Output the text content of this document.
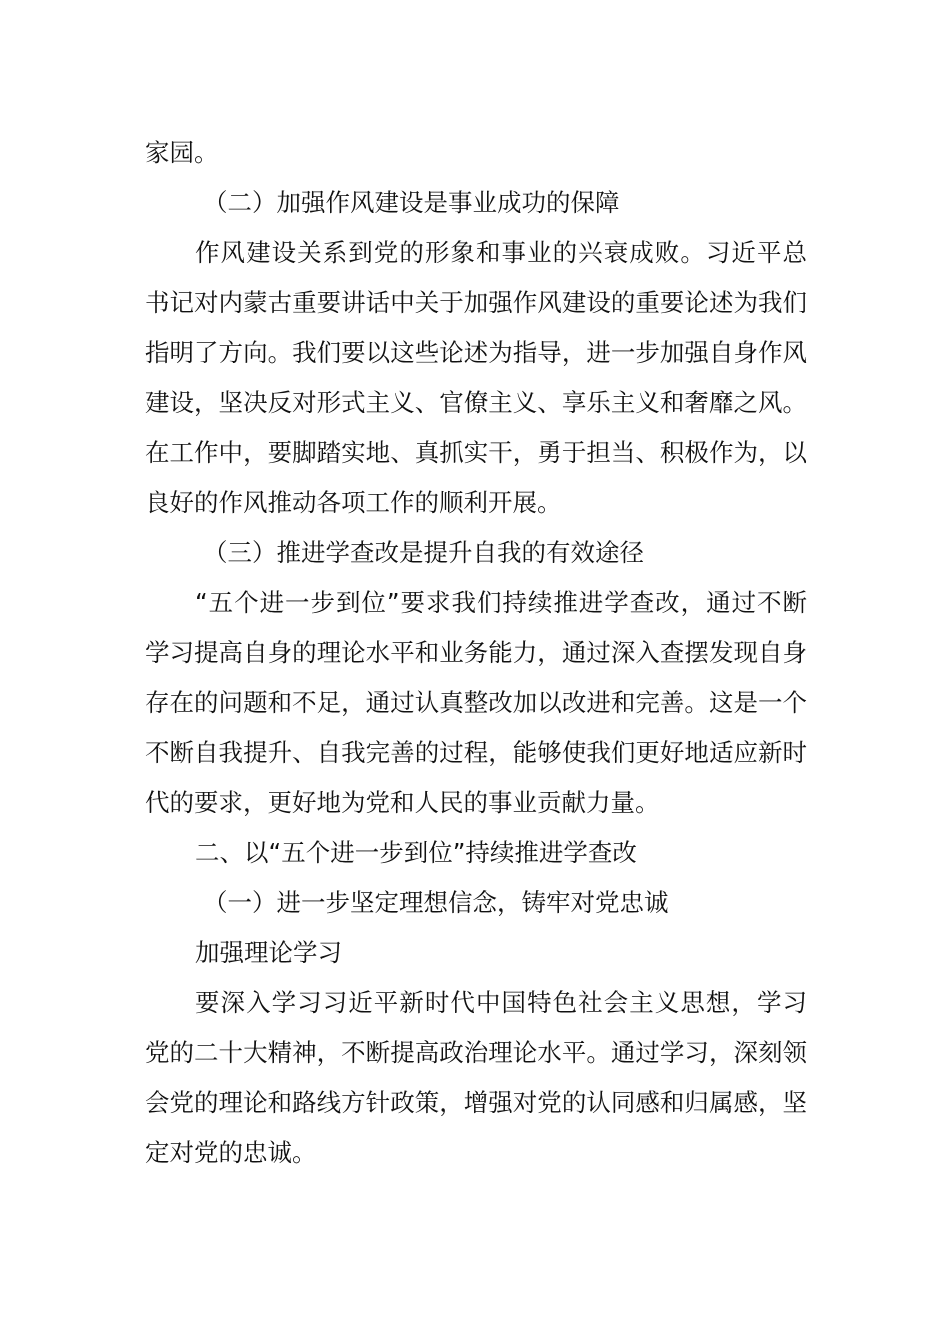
家园。

（二）加强作风建设是事业成功的保障

作风建设关系到党的形象和事业的兴衰成败。习近平总书记对内蒙古重要讲话中关于加强作风建设的重要论述为我们指明了方向。我们要以这些论述为指导，进一步加强自身作风建设，坚决反对形式主义、官僚主义、享乐主义和奢靡之风。在工作中，要脚踏实地、真抓实干，勇于担当、积极作为，以良好的作风推动各项工作的顺利开展。

（三）推进学查改是提升自我的有效途径

“五个进一步到位”要求我们持续推进学查改，通过不断学习提高自身的理论水平和业务能力，通过深入查摆发现自身存在的问题和不足，通过认真整改加以改进和完善。这是一个不断自我提升、自我完善的过程，能够使我们更好地适应新时代的要求，更好地为党和人民的事业贡献力量。

二、以“五个进一步到位”持续推进学查改

（一）进一步坚定理想信念，铸牢对党忠诚

加强理论学习

要深入学习习近平新时代中国特色社会主义思想，学习党的二十大精神，不断提高政治理论水平。通过学习，深刻领会党的理论和路线方针政策，增强对党的认同感和归属感，坚定对党的忠诚。
